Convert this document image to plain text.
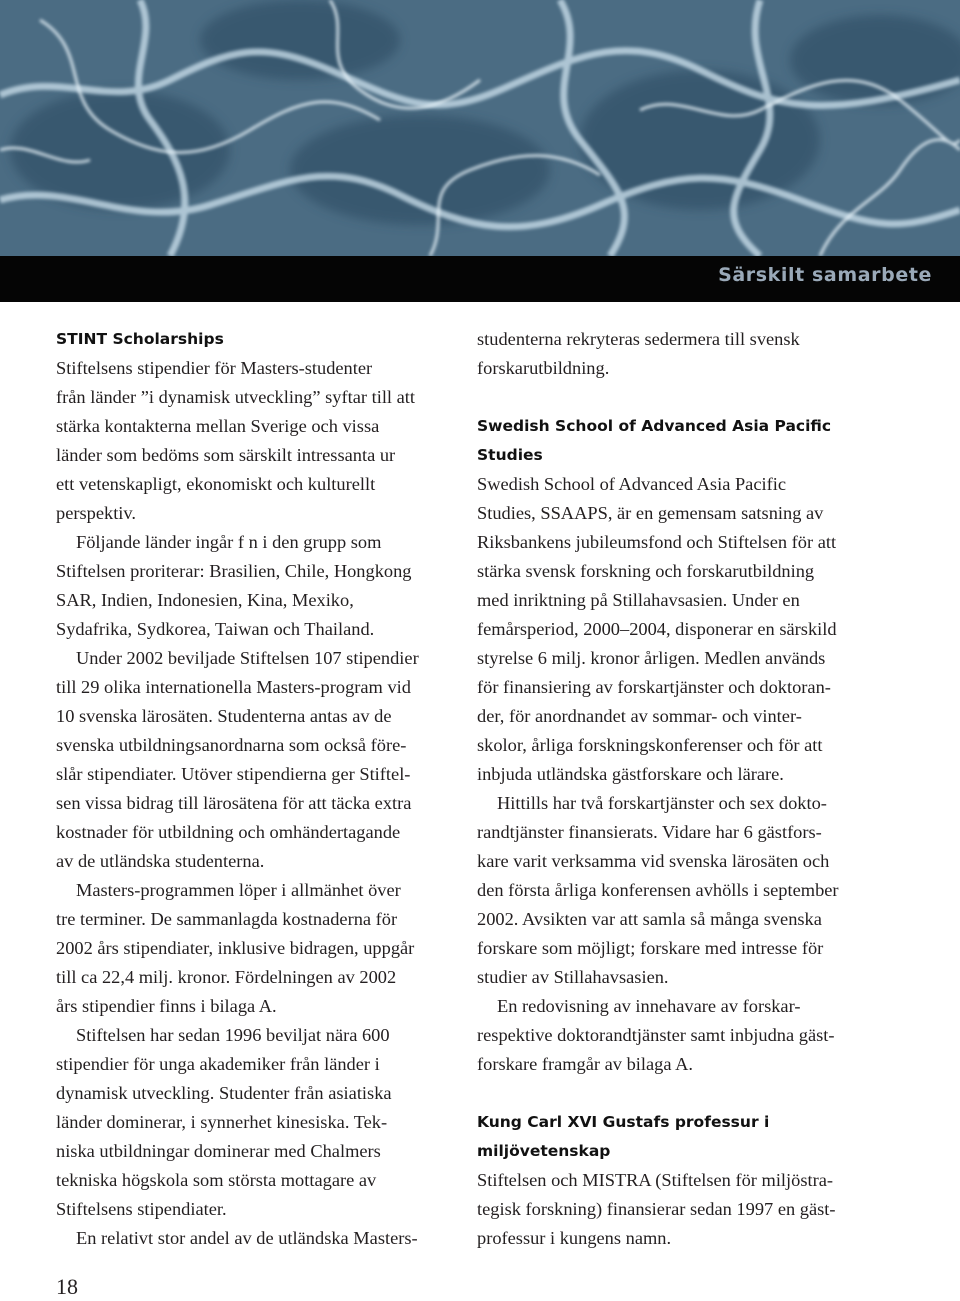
Särskilt samarbete
STINT Scholarships
Stiftelsens stipendier för Masters-studenter
från länder ”i dynamisk utveckling” syftar till att
stärka kontakterna mellan Sverige och vissa
länder som bedöms som särskilt intressanta ur
ett vetenskapligt, ekonomiskt och kulturellt
perspektiv.
Följande länder ingår f n i den grupp som
Stiftelsen proriterar: Brasilien, Chile, Hongkong
SAR, Indien, Indonesien, Kina, Mexiko,
Sydafrika, Sydkorea, Taiwan och Thailand.
Under 2002 beviljade Stiftelsen 107 stipendier
till 29 olika internationella Masters-program vid
10 svenska lärosäten. Studenterna antas av de
svenska utbildningsanordnarna som också före-
slår stipendiater. Utöver stipendierna ger Stiftel-
sen vissa bidrag till lärosätena för att täcka extra
kostnader för utbildning och omhändertagande
av de utländska studenterna.
Masters-programmen löper i allmänhet över
tre terminer. De sammanlagda kostnaderna för
2002 års stipendiater, inklusive bidragen, uppgår
till ca 22,4 milj. kronor. Fördelningen av 2002
års stipendier finns i bilaga A.
Stiftelsen har sedan 1996 beviljat nära 600
stipendier för unga akademiker från länder i
dynamisk utveckling. Studenter från asiatiska
länder dominerar, i synnerhet kinesiska. Tek-
niska utbildningar dominerar med Chalmers
tekniska högskola som största mottagare av
Stiftelsens stipendiater.
En relativt stor andel av de utländska Masters-
studenterna rekryteras sedermera till svensk
forskarutbildning.
Swedish School of Advanced Asia Pacific
Studies
Swedish School of Advanced Asia Pacific
Studies, SSAAPS, är en gemensam satsning av
Riksbankens jubileumsfond och Stiftelsen för att
stärka svensk forskning och forskarutbildning
med inriktning på Stillahavsasien. Under en
femårsperiod, 2000–2004, disponerar en särskild
styrelse 6 milj. kronor årligen. Medlen används
för finansiering av forskartjänster och doktoran-
der, för anordnandet av sommar- och vinter-
skolor, årliga forskningskonferenser och för att
inbjuda utländska gästforskare och lärare.
Hittills har två forskartjänster och sex dokto-
randtjänster finansierats. Vidare har 6 gästfors-
kare varit verksamma vid svenska lärosäten och
den första årliga konferensen avhölls i september
2002. Avsikten var att samla så många svenska
forskare som möjligt; forskare med intresse för
studier av Stillahavsasien.
En redovisning av innehavare av forskar-
respektive doktorandtjänster samt inbjudna gäst-
forskare framgår av bilaga A.
Kung Carl XVI Gustafs professur i
miljövetenskap
Stiftelsen och MISTRA (Stiftelsen för miljöstra-
tegisk forskning) finansierar sedan 1997 en gäst-
professur i kungens namn.
18
